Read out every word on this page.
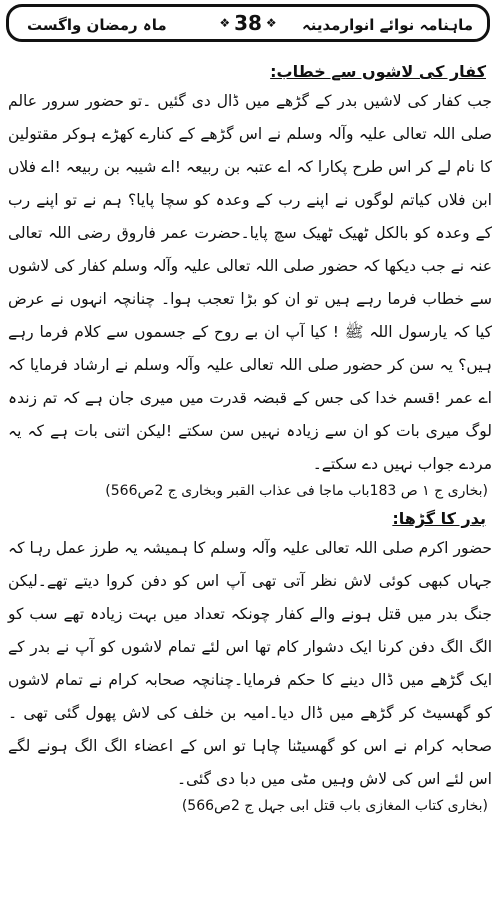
ماہ رمضان واگست	❖ 38 ❖ ماہنامہ نوائے انوارمدینہ
کفار کی لاشوں سے خطاب:

جب کفار کی لاشیں بدر کے گڑھے میں ڈال دی گئیں ۔تو حضور سرور عالم صلی اللہ تعالی علیہ وآلہ وسلم نے اس گڑھے کے کنارے کھڑے ہوکر مقتولین کا نام لے کر اس طرح پکارا کہ اے عتبہ بن ربیعہ !اے شیبہ بن ربیعہ !اے فلاں ابن فلاں کیاتم لوگوں نے اپنے رب کے وعدہ کو سچا پایا؟ ہم نے تو اپنے رب کے وعدہ کو بالکل ٹھیک ٹھیک سچ پایا۔حضرت عمر فاروق رضی اللہ تعالی عنہ نے جب دیکھا کہ حضور صلی اللہ تعالی علیہ وآلہ وسلم کفار کی لاشوں سے خطاب فرما رہے ہیں تو ان کو بڑا تعجب ہوا۔ چنانچہ انہوں نے عرض کیا کہ یارسول اللہ ﷺ ! کیا آپ ان بے روح کے جسموں سے کلام فرما رہے ہیں؟ یہ سن کر حضور صلی اللہ تعالی علیہ وآلہ وسلم نے ارشاد فرمایا کہ اے عمر !قسم خدا کی جس کے قبضہ قدرت میں میری جان ہے کہ تم زندہ لوگ میری بات کو ان سے زیادہ نہیں سن سکتے !لیکن اتنی بات ہے کہ یہ مردے جواب نہیں دے سکتے۔

(بخاری ج ۱ ص 183باب ماجا فی عذاب القبر وبخاری ج 2ص566)
بدر کا گڑھا:

حضور اکرم صلی اللہ تعالی علیہ وآلہ وسلم کا ہمیشہ یہ طرز عمل رہا کہ جہاں کبھی کوئی لاش نظر آتی تھی آپ اس کو دفن کروا دیتے تھے۔لیکن جنگ بدر میں قتل ہونے والے کفار چونکہ تعداد میں بہت زیادہ تھے سب کو الگ الگ دفن کرنا ایک دشوار کام تھا اس لئے تمام لاشوں کو آپ نے بدر کے ایک گڑھے میں ڈال دینے کا حکم فرمایا۔چنانچہ صحابہ کرام نے تمام لاشوں کو گھسیٹ کر گڑھے میں ڈال دیا۔امیہ بن خلف کی لاش پھول گئی تھی ۔صحابہ کرام نے اس کو گھسیٹنا چاہا تو اس کے اعضاء الگ الگ ہونے لگے اس لئے اس کی لاش وہیں مٹی میں دبا دی گئی۔

(بخاری کتاب المغازی باب قتل ابی جہل ج 2ص566)
